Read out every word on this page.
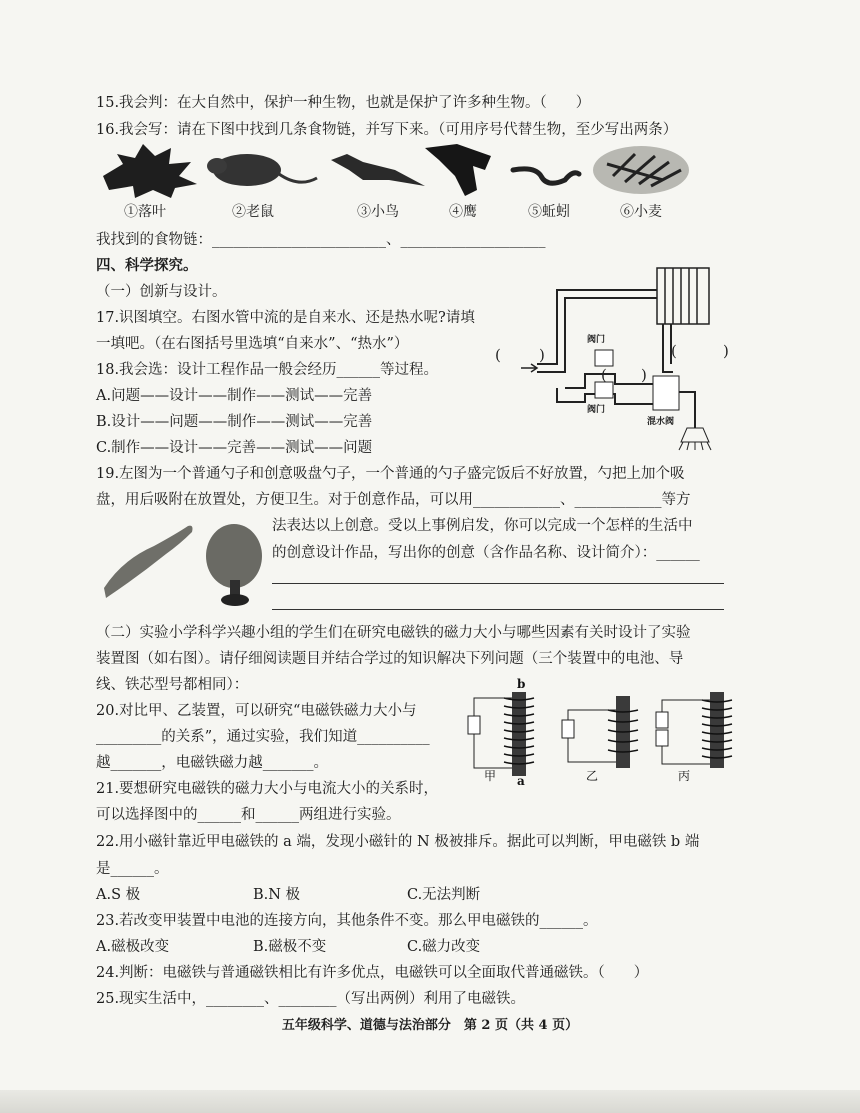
15.我会判：在大自然中，保护一种生物，也就是保护了许多种生物。（　　）
16.我会写：请在下图中找到几条食物链，并写下来。（可用序号代替生物，至少写出两条）
①落叶	②老鼠	③小鸟	④鹰	⑤蚯蚓	⑥小麦
我找到的食物链：________________________、____________________
四、科学探究。
（一）创新与设计。
17.识图填空。右图水管中流的是自来水、还是热水呢?请填
一填吧。（在右图括号里选填“自来水”、“热水”）
18.我会选：设计工程作品一般会经历______等过程。
A.问题——设计——制作——测试——完善
B.设计——问题——制作——测试——完善
C.制作——设计——完善——测试——问题
阀门
阀门
混水阀
(	)	(	)
( )
19.左图为一个普通勺子和创意吸盘勺子，一个普通的勺子盛完饭后不好放置，勺把上加个吸
盘，用后吸附在放置处，方便卫生。对于创意作品，可以用____________、____________等方
法表达以上创意。受以上事例启发，你可以完成一个怎样的生活中
的创意设计作品，写出你的创意（含作品名称、设计简介）：______
（二）实验小学科学兴趣小组的学生们在研究电磁铁的磁力大小与哪些因素有关时设计了实验
装置图（如右图）。请仔细阅读题目并结合学过的知识解决下列问题（三个装置中的电池、导
线、铁芯型号都相同）：
20.对比甲、乙装置，可以研究“电磁铁磁力大小与
_________的关系”，通过实验，我们知道__________
越_______，电磁铁磁力越_______。
21.要想研究电磁铁的磁力大小与电流大小的关系时，
可以选择图中的______和______两组进行实验。
b
a
甲	乙	丙
22.用小磁针靠近甲电磁铁的 a 端，发现小磁针的 N 极被排斥。据此可以判断，甲电磁铁 b 端
是______。
A.S 极	B.N 极	C.无法判断
23.若改变甲装置中电池的连接方向，其他条件不变。那么甲电磁铁的______。
A.磁极改变	B.磁极不变	C.磁力改变
24.判断：电磁铁与普通磁铁相比有许多优点，电磁铁可以全面取代普通磁铁。（　　）
25.现实生活中，________、________（写出两例）利用了电磁铁。
五年级科学、道德与法治部分　第 2 页（共 4 页）
